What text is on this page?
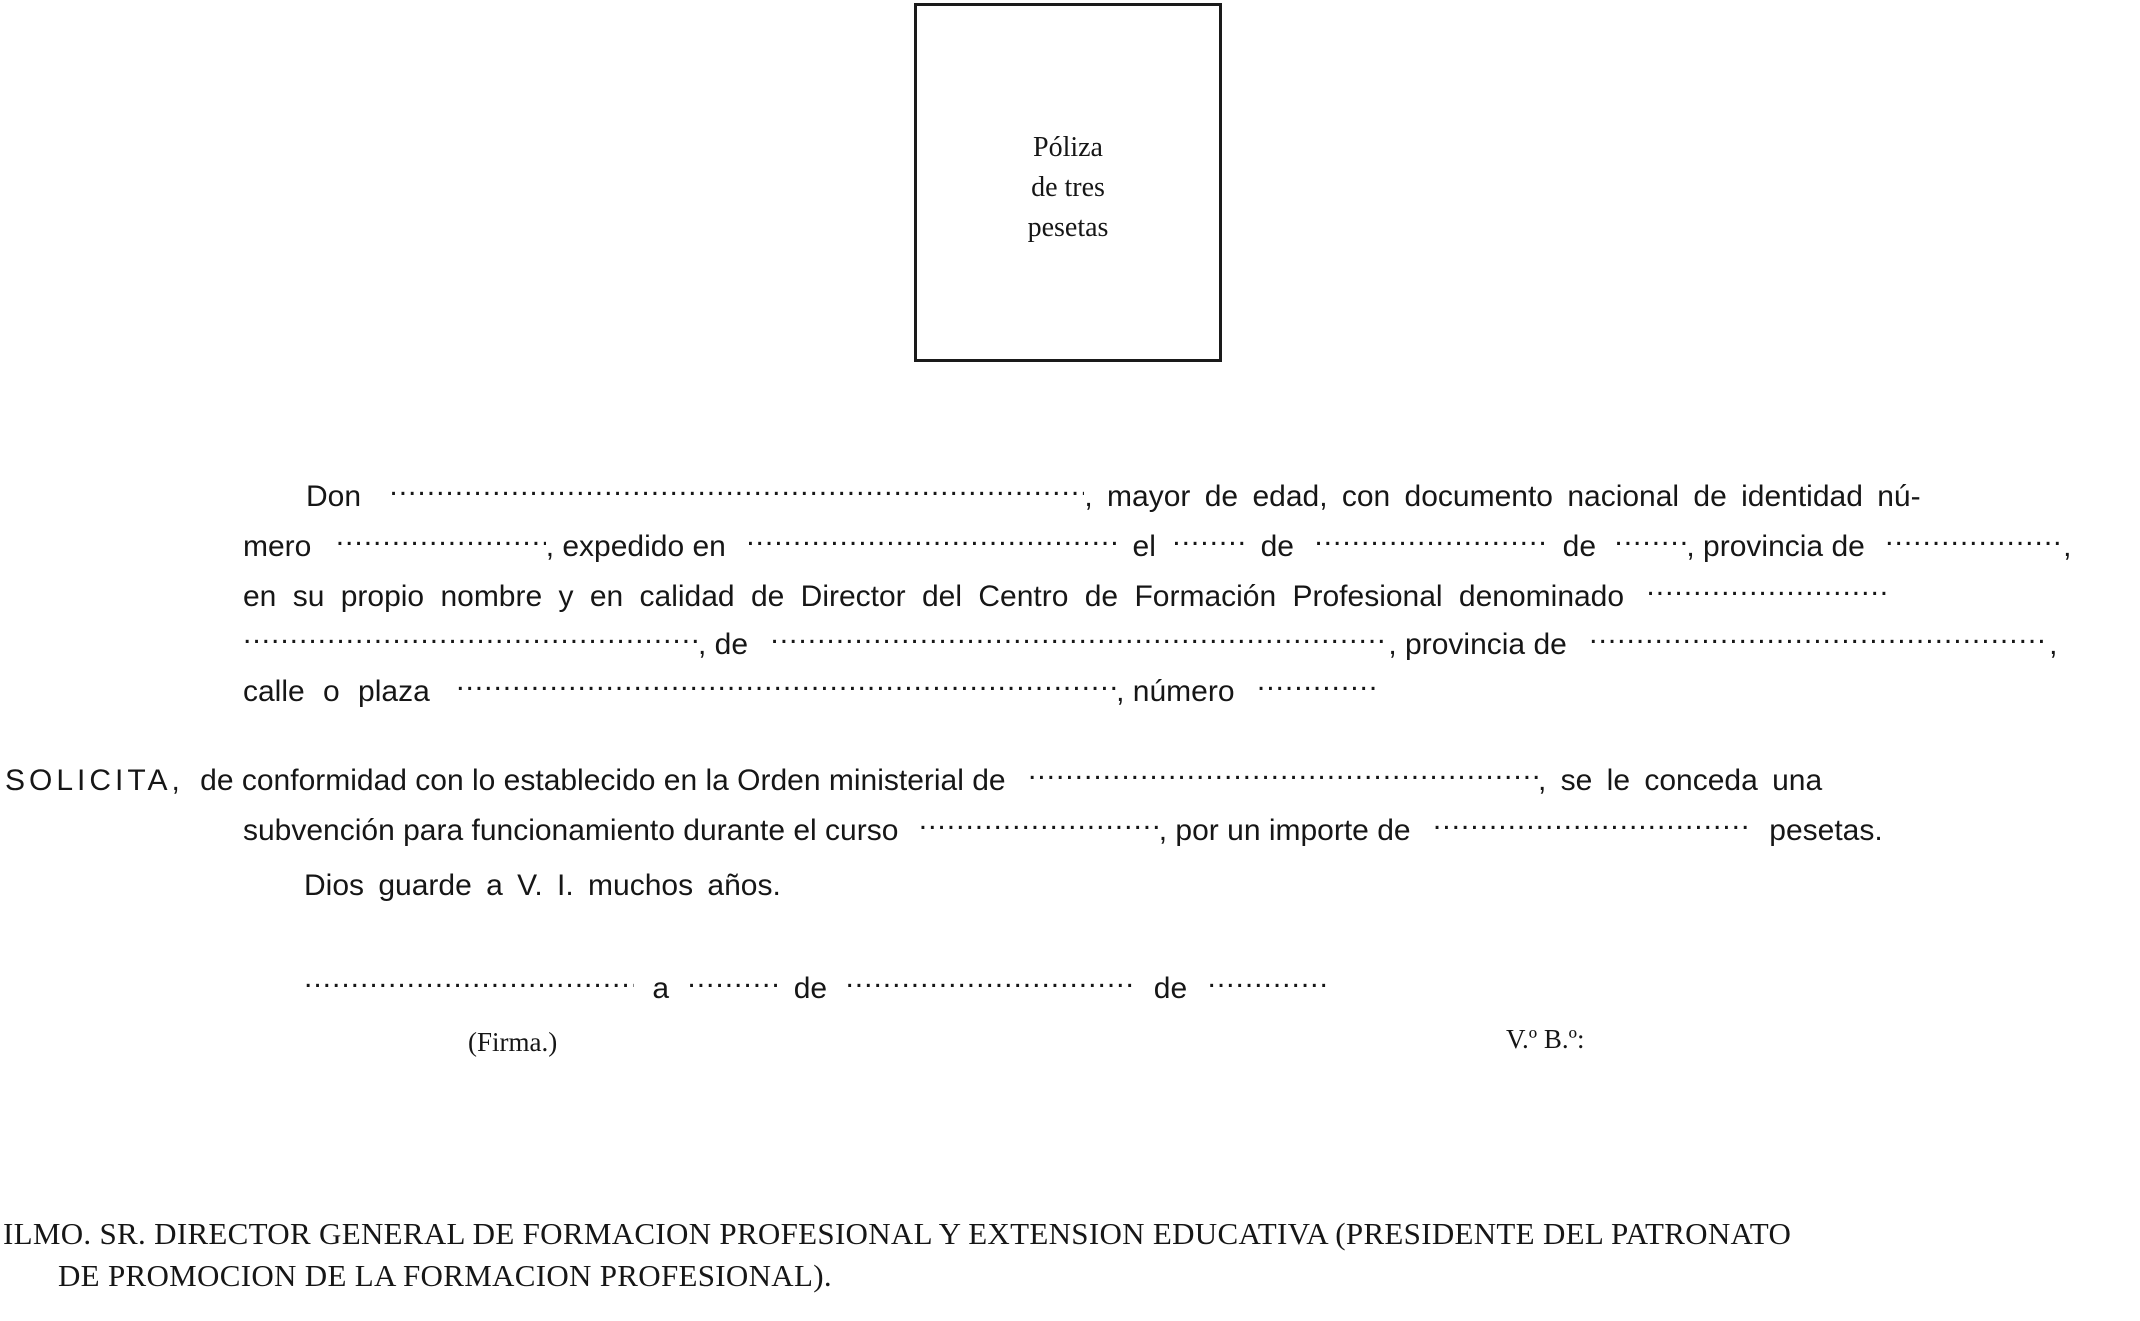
Póliza
de tres
pesetas
Don .....	, mayor de edad, con documento nacional de identidad nú-
mero .....	, expedido en .....	el .....	de .....	de .....	, provincia de .....	,
en su propio nombre y en calidad de Director del Centro de Formación Profesional denominado .....
....., de .....	, provincia de .....	,
calle o plaza .....	, número .....
SOLICITA, de conformidad con lo establecido en la Orden ministerial de .....	, se le conceda una
subvención para funcionamiento durante el curso .....	, por un importe de .....	pesetas.
Dios guarde a V. I. muchos años.
..... a .....	de .....	de .....
(Firma.)	V.º B.º:
ILMO. SR. DIRECTOR GENERAL DE FORMACION PROFESIONAL Y EXTENSION EDUCATIVA (PRESIDENTE DEL PATRONATO
DE PROMOCION DE LA FORMACION PROFESIONAL).
